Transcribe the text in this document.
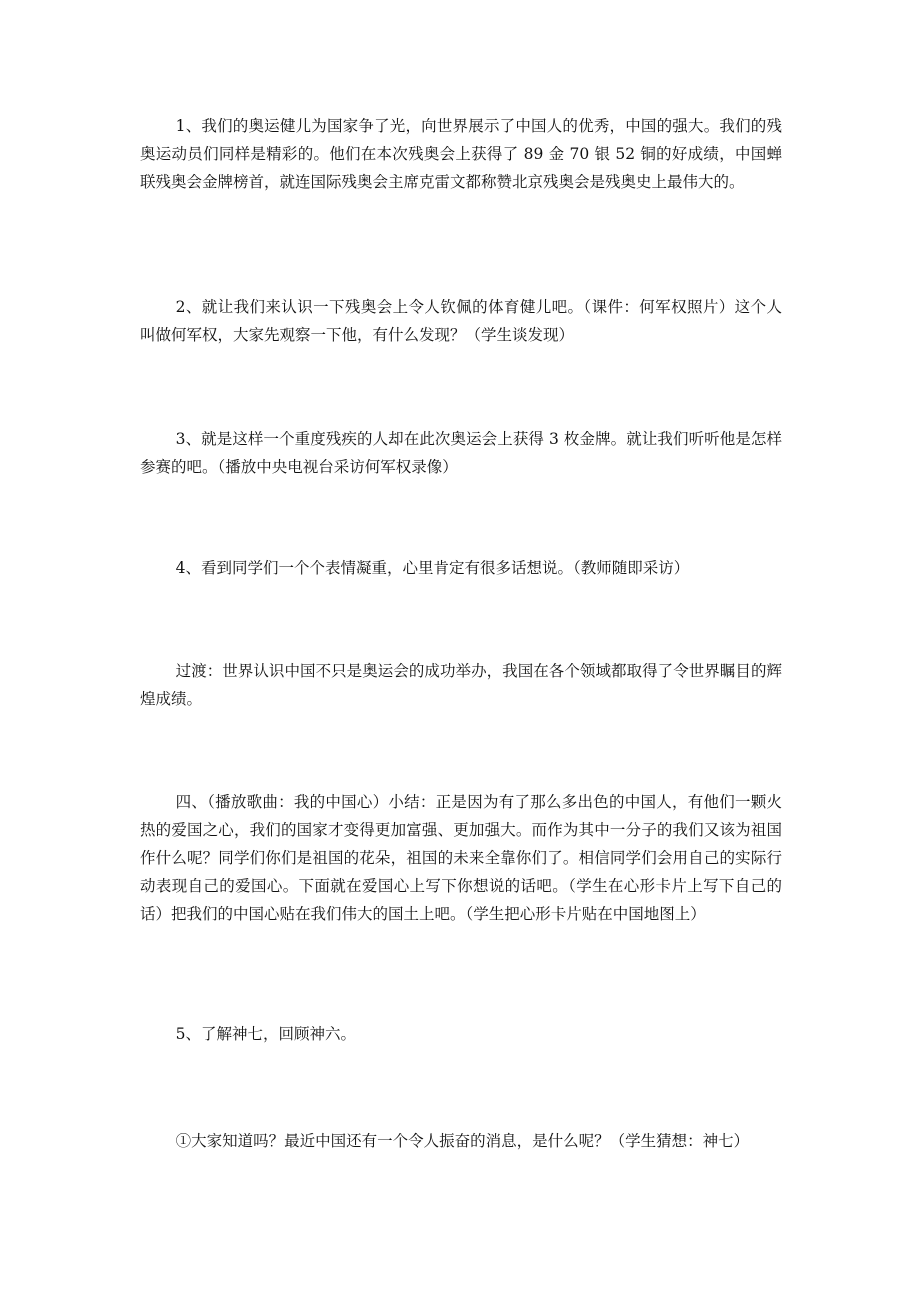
1、我们的奥运健儿为国家争了光，向世界展示了中国人的优秀，中国的强大。我们的残奥运动员们同样是精彩的。他们在本次残奥会上获得了 89 金 70 银 52 铜的好成绩，中国蝉联残奥会金牌榜首，就连国际残奥会主席克雷文都称赞北京残奥会是残奥史上最伟大的。

2、就让我们来认识一下残奥会上令人钦佩的体育健儿吧。（课件：何军权照片）这个人叫做何军权，大家先观察一下他，有什么发现？（学生谈发现）

3、就是这样一个重度残疾的人却在此次奥运会上获得 3 枚金牌。就让我们听听他是怎样参赛的吧。（播放中央电视台采访何军权录像）

4、看到同学们一个个表情凝重，心里肯定有很多话想说。（教师随即采访）

过渡：世界认识中国不只是奥运会的成功举办，我国在各个领域都取得了令世界瞩目的辉煌成绩。

四、（播放歌曲：我的中国心）小结：正是因为有了那么多出色的中国人，有他们一颗火热的爱国之心，我们的国家才变得更加富强、更加强大。而作为其中一分子的我们又该为祖国作什么呢？同学们你们是祖国的花朵，祖国的未来全靠你们了。相信同学们会用自己的实际行动表现自己的爱国心。下面就在爱国心上写下你想说的话吧。（学生在心形卡片上写下自己的话）把我们的中国心贴在我们伟大的国土上吧。（学生把心形卡片贴在中国地图上）

5、了解神七，回顾神六。

①大家知道吗？最近中国还有一个令人振奋的消息，是什么呢？（学生猜想：神七）
